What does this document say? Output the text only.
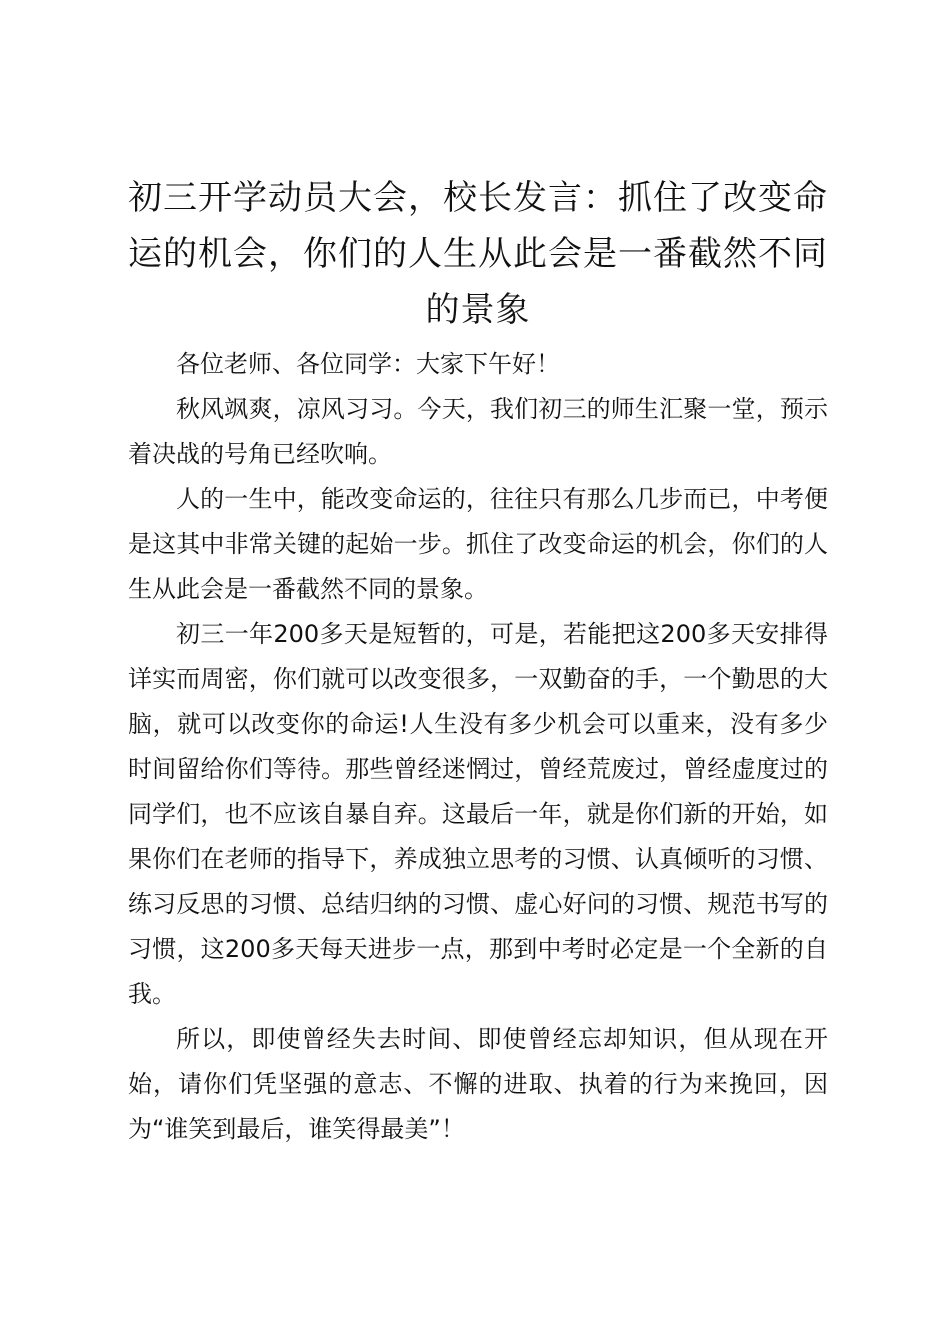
初三开学动员大会，校长发言：抓住了改变命运的机会，你们的人生从此会是一番截然不同的景象

各位老师、各位同学：大家下午好！

秋风飒爽，凉风习习。今天，我们初三的师生汇聚一堂，预示着决战的号角已经吹响。

人的一生中，能改变命运的，往往只有那么几步而已，中考便是这其中非常关键的起始一步。抓住了改变命运的机会，你们的人生从此会是一番截然不同的景象。

初三一年200多天是短暂的，可是，若能把这200多天安排得详实而周密，你们就可以改变很多，一双勤奋的手，一个勤思的大脑，就可以改变你的命运!人生没有多少机会可以重来，没有多少时间留给你们等待。那些曾经迷惘过，曾经荒废过，曾经虚度过的同学们，也不应该自暴自弃。这最后一年，就是你们新的开始，如果你们在老师的指导下，养成独立思考的习惯、认真倾听的习惯、练习反思的习惯、总结归纳的习惯、虚心好问的习惯、规范书写的习惯，这200多天每天进步一点，那到中考时必定是一个全新的自我。

所以，即使曾经失去时间、即使曾经忘却知识，但从现在开始，请你们凭坚强的意志、不懈的进取、执着的行为来挽回，因为“谁笑到最后，谁笑得最美”！
